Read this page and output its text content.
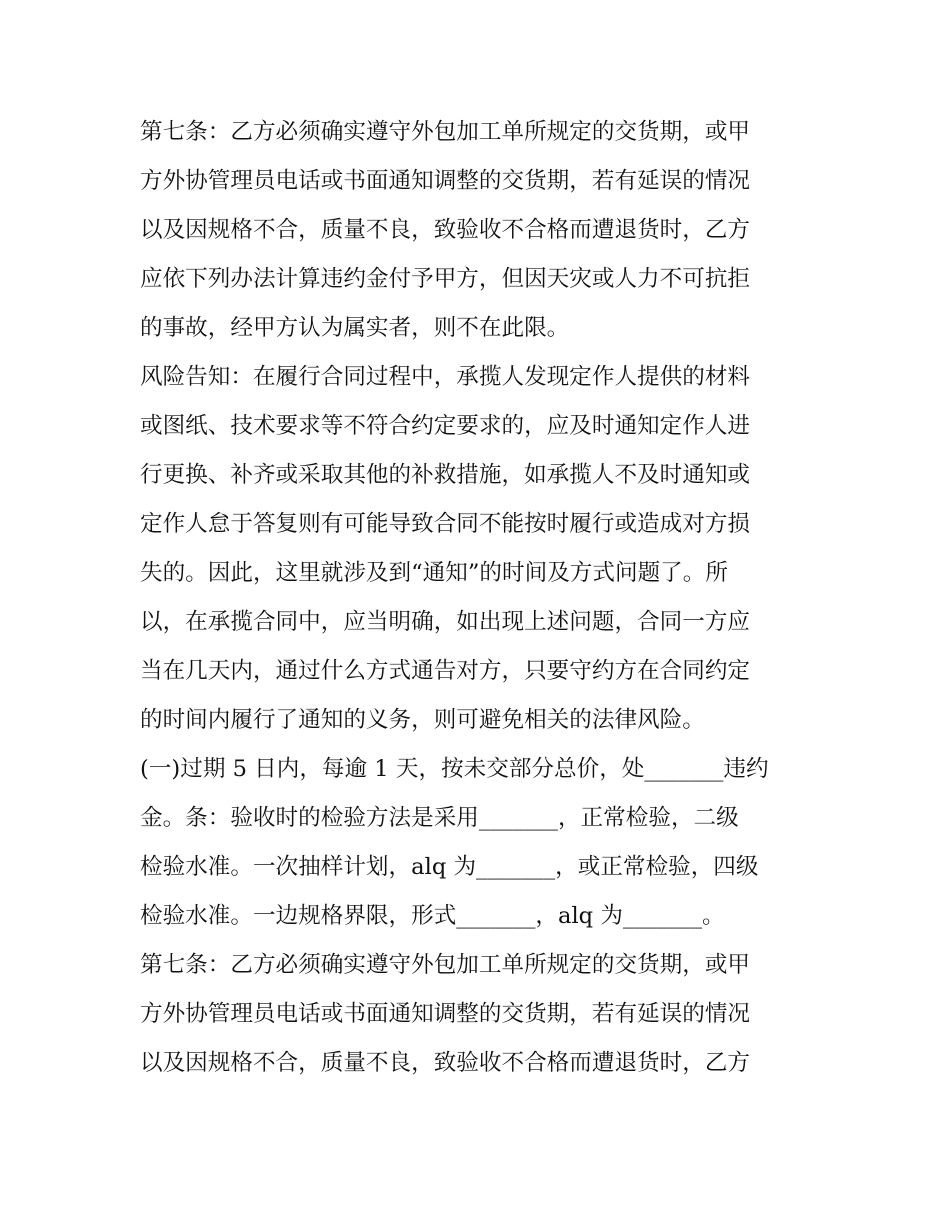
第七条：乙方必须确实遵守外包加工单所规定的交货期，或甲
方外协管理员电话或书面通知调整的交货期，若有延误的情况
以及因规格不合，质量不良，致验收不合格而遭退货时，乙方
应依下列办法计算违约金付予甲方，但因天灾或人力不可抗拒
的事故，经甲方认为属实者，则不在此限。

风险告知：在履行合同过程中，承揽人发现定作人提供的材料
或图纸、技术要求等不符合约定要求的，应及时通知定作人进
行更换、补齐或采取其他的补救措施，如承揽人不及时通知或
定作人怠于答复则有可能导致合同不能按时履行或造成对方损
失的。因此，这里就涉及到“通知”的时间及方式问题了。所
以，在承揽合同中，应当明确，如出现上述问题，合同一方应
当在几天内，通过什么方式通告对方，只要守约方在合同约定
的时间内履行了通知的义务，则可避免相关的法律风险。

(一)过期 5 日内，每逾 1 天，按未交部分总价，处_______违约
金。条：验收时的检验方法是采用_______，正常检验，二级
检验水准。一次抽样计划，alq 为_______，或正常检验，四级
检验水准。一边规格界限，形式_______，alq 为_______。

第七条：乙方必须确实遵守外包加工单所规定的交货期，或甲
方外协管理员电话或书面通知调整的交货期，若有延误的情况
以及因规格不合，质量不良，致验收不合格而遭退货时，乙方
